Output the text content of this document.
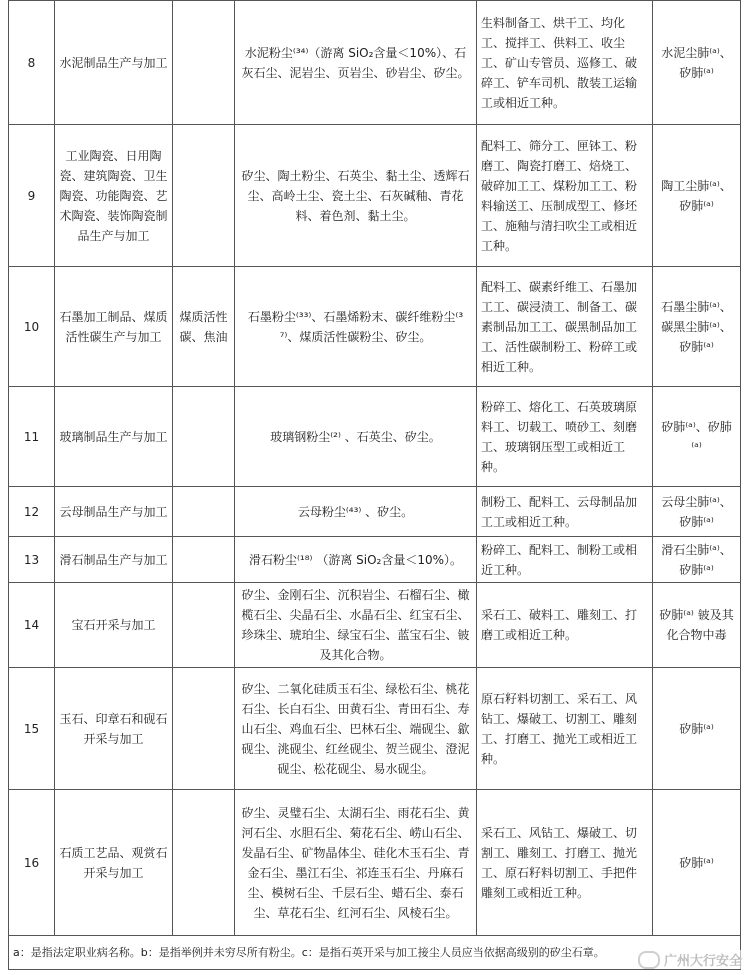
8	水泥制品生产与加工		水泥粉尘⁽³⁴⁾（游离 SiO₂含量＜10%）、石灰石尘、泥岩尘、页岩尘、砂岩尘、矽尘。	生料制备工、烘干工、均化工、搅拌工、供料工、收尘工、矿山专管员、巡修工、破碎工、铲车司机、散装工运输工或相近工种。	水泥尘肺⁽ᵃ⁾、矽肺⁽ᵃ⁾
9	工业陶瓷、日用陶瓷、建筑陶瓷、卫生陶瓷、功能陶瓷、艺术陶瓷、装饰陶瓷制品生产与加工		矽尘、陶土粉尘、石英尘、黏土尘、透辉石尘、高岭土尘、瓷土尘、石灰碱釉、青花料、着色剂、黏土尘。	配料工、筛分工、匣钵工、粉磨工、陶瓷打磨工、焙烧工、破碎加工工、煤粉加工工、粉料输送工、压制成型工、修坯工、施釉与清扫吹尘工或相近工种。	陶工尘肺⁽ᵃ⁾、矽肺⁽ᵃ⁾
10	石墨加工制品、煤质活性碳生产与加工	煤质活性碳、焦油	石墨粉尘⁽³³⁾、石墨烯粉末、碳纤维粉尘⁽³⁷⁾、煤质活性碳粉尘、矽尘。	配料工、碳素纤维工、石墨加工工、碳浸渍工、制备工、碳素制品加工工、碳黑制品加工工、活性碳制粉工、粉碎工或相近工种。	石墨尘肺⁽ᵃ⁾、碳黑尘肺⁽ᵃ⁾、矽肺⁽ᵃ⁾
11	玻璃制品生产与加工		玻璃钢粉尘⁽²⁾ 、石英尘、矽尘。	粉碎工、熔化工、石英玻璃原料工、切载工、喷砂工、刻磨工、玻璃钢压型工或相近工种。	矽肺⁽ᵃ⁾、矽肺⁽ᵃ⁾
12	云母制品生产与加工		云母粉尘⁽⁴³⁾ 、矽尘。	制粉工、配料工、云母制品加工工或相近工种。	云母尘肺⁽ᵃ⁾、矽肺⁽ᵃ⁾
13	滑石制品生产与加工		滑石粉尘⁽¹⁸⁾ （游离 SiO₂含量＜10%）。	粉碎工、配料工、制粉工或相近工种。	滑石尘肺⁽ᵃ⁾、矽肺⁽ᵃ⁾
14	宝石开采与加工		矽尘、金刚石尘、沉积岩尘、石榴石尘、橄榄石尘、尖晶石尘、水晶石尘、红宝石尘、珍珠尘、琥珀尘、绿宝石尘、蓝宝石尘、铍及其化合物。	采石工、破料工、雕刻工、打磨工或相近工种。	矽肺⁽ᵃ⁾ 铍及其化合物中毒
15	玉石、印章石和砚石开采与加工		矽尘、二氧化硅质玉石尘、绿松石尘、桃花石尘、长白石尘、田黄石尘、青田石尘、寿山石尘、鸡血石尘、巴林石尘、端砚尘、歙砚尘、洮砚尘、红丝砚尘、贺兰砚尘、澄泥砚尘、松花砚尘、易水砚尘。	原石籽料切割工、采石工、风钻工、爆破工、切割工、雕刻工、打磨工、抛光工或相近工种。	矽肺⁽ᵃ⁾
16	石质工艺品、观赏石开采与加工		矽尘、灵璧石尘、太湖石尘、雨花石尘、黄河石尘、水胆石尘、菊花石尘、崂山石尘、发晶石尘、矿物晶体尘、硅化木玉石尘、青金石尘、墨江石尘、祁连玉石尘、丹麻石尘、模树石尘、千层石尘、蜡石尘、泰石尘、草花石尘、红河石尘、风棱石尘。	采石工、风钻工、爆破工、切割工、雕刻工、打磨工、抛光工、原石籽料切割工、手把件雕刻工或相近工种。	矽肺⁽ᵃ⁾
a：是指法定职业病名称。b：是指举例并未穷尽所有粉尘。c：是指石英开采与加工接尘人员应当依据高级别的矽尘石章。					
广州大行安全
